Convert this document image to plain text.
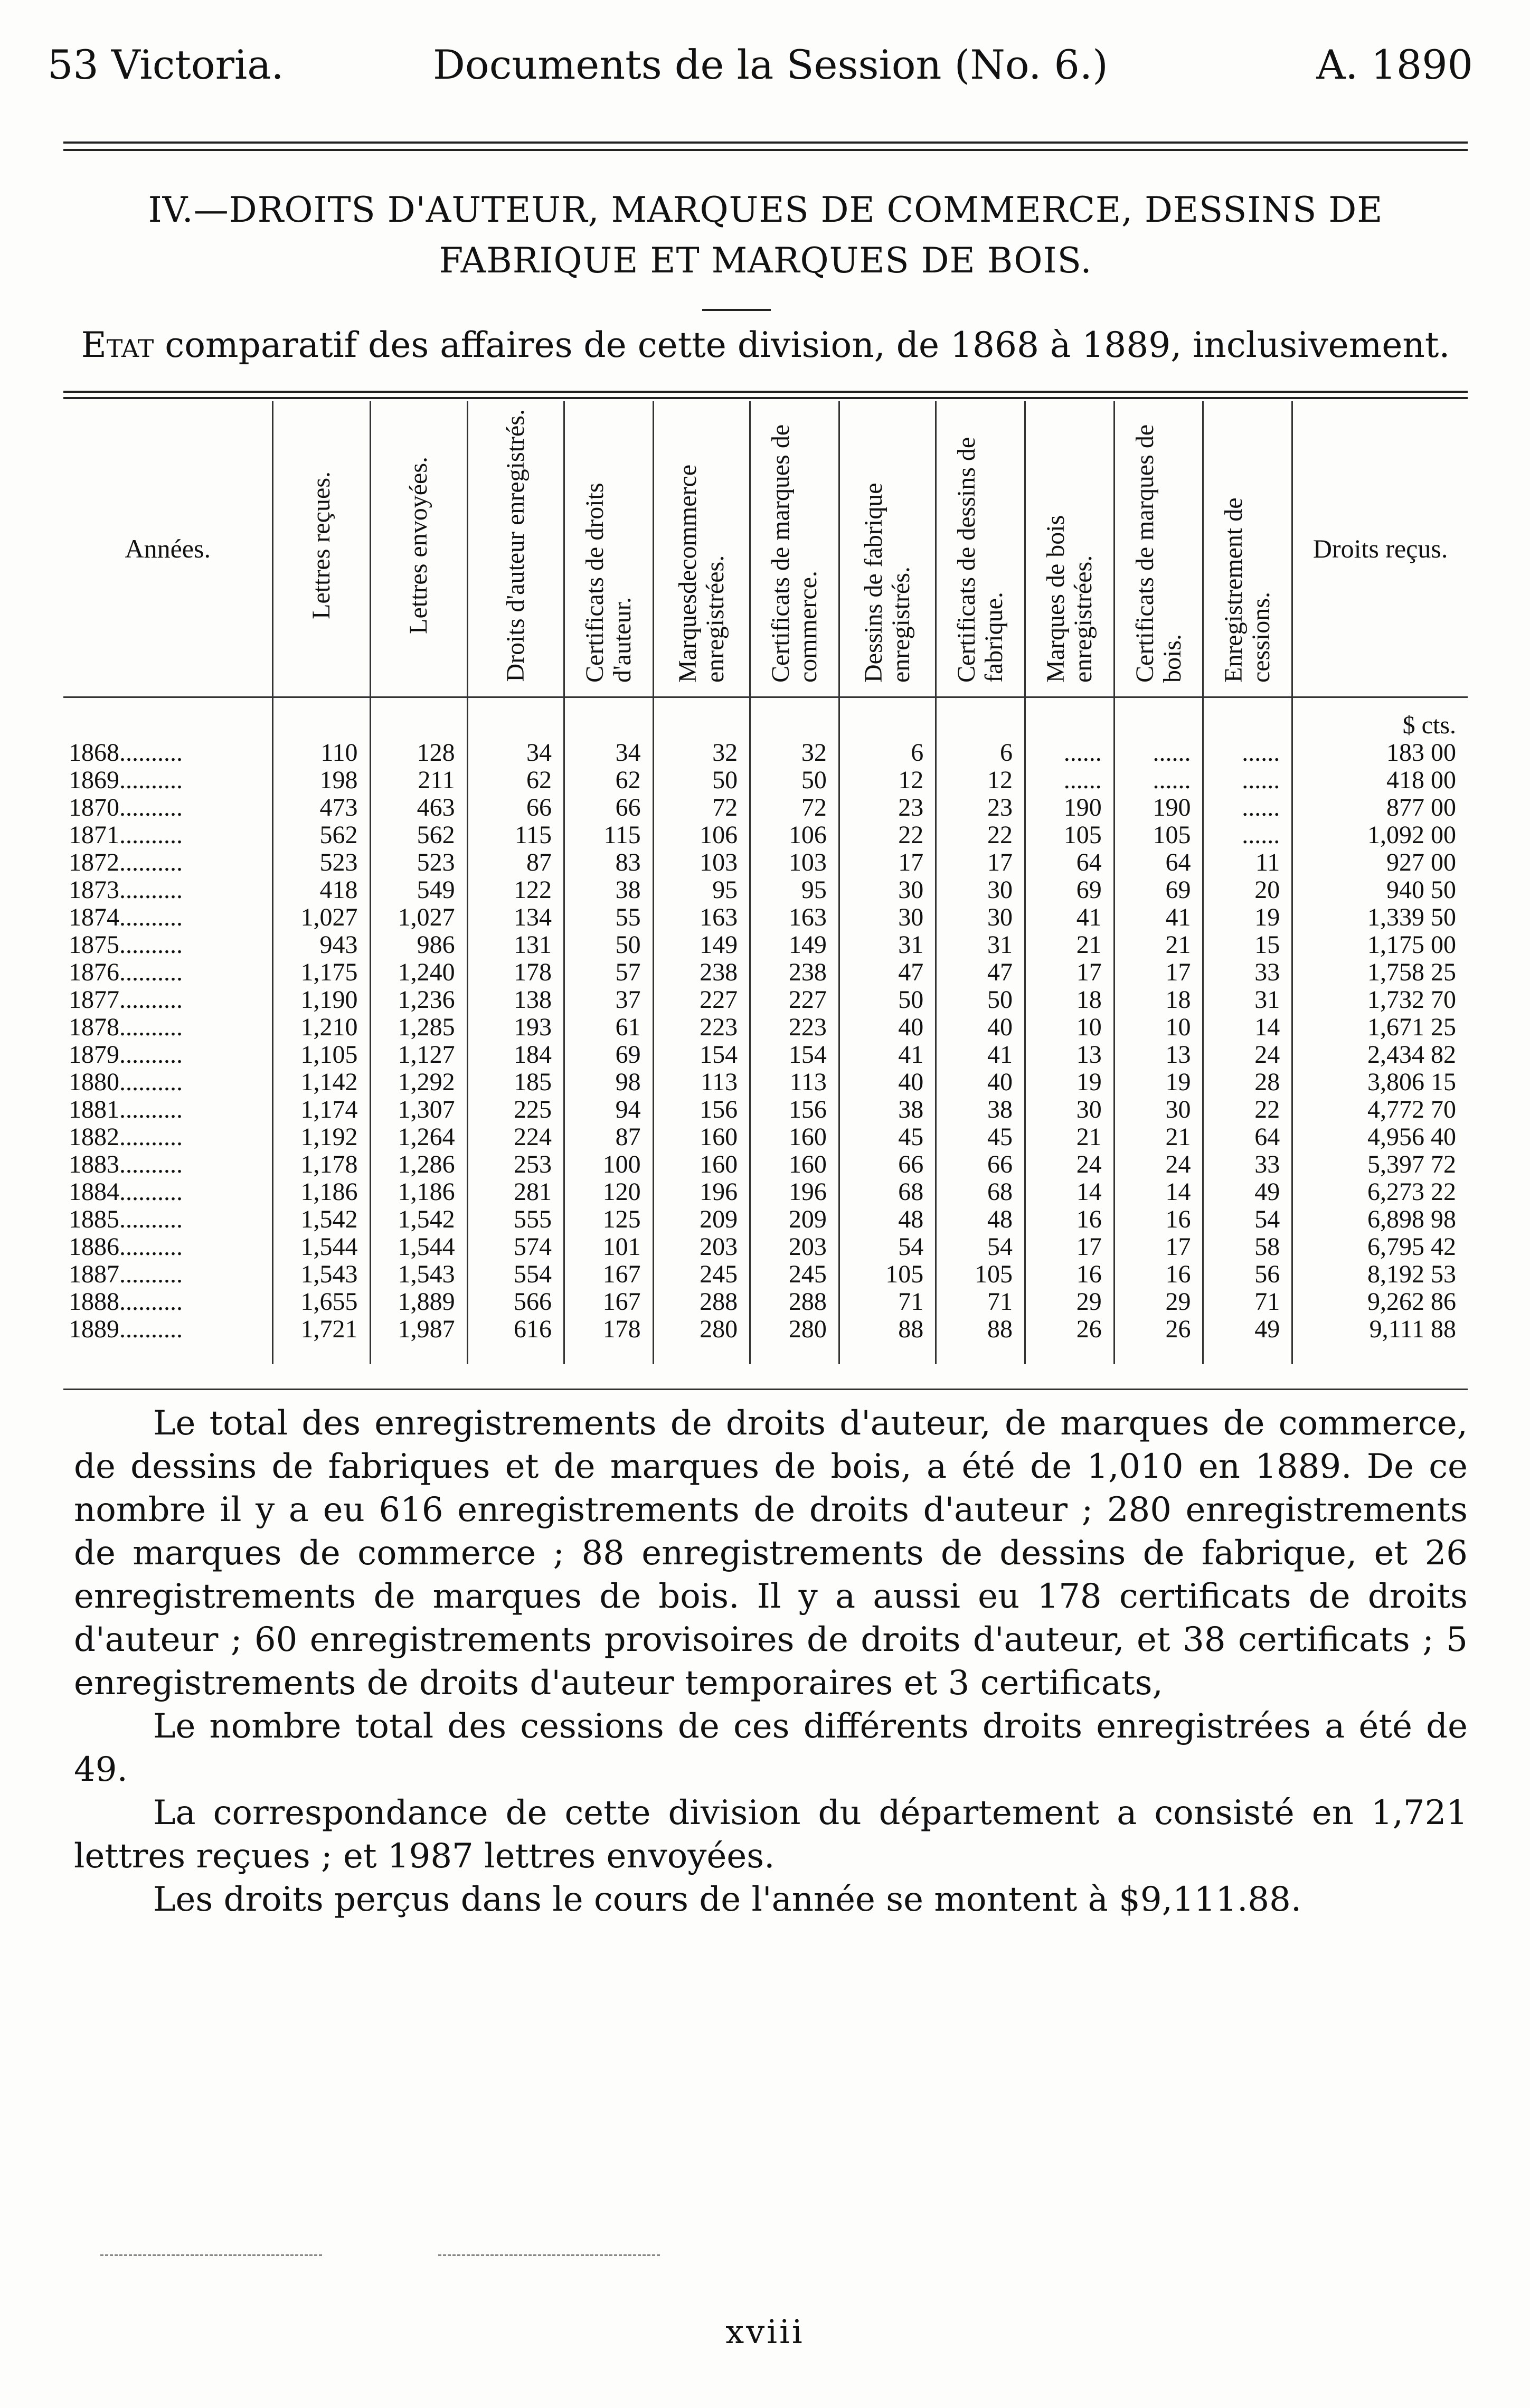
53 Victoria.	Documents de la Session (No. 6.)	A. 1890
IV.—DROITS D'AUTEUR, MARQUES DE COMMERCE, DESSINS DE
FABRIQUE ET MARQUES DE BOIS.
Etat comparatif des affaires de cette division, de 1868 à 1889, inclusivement.
Années.	Lettres reçues.	Lettres envoyées.	Droits d'auteur enregistrés.	Certificats de droits d'auteur.	Marquesdecommerce enregistrées.	Certificats de marques de commerce.	Dessins de fabrique enregistrés.	Certificats de dessins de fabrique.	Marques de bois enregistrées.	Certificats de marques de bois.	Enregistrement de cessions.	Droits reçus.

												$ cts.
1868..........	110	128	34	34	32	32	6	6	......	......	......	183 00
1869..........	198	211	62	62	50	50	12	12	......	......	......	418 00
1870..........	473	463	66	66	72	72	23	23	190	190	......	877 00
1871..........	562	562	115	115	106	106	22	22	105	105	......	1,092 00
1872..........	523	523	87	83	103	103	17	17	64	64	11	927 00
1873..........	418	549	122	38	95	95	30	30	69	69	20	940 50
1874..........	1,027	1,027	134	55	163	163	30	30	41	41	19	1,339 50
1875..........	943	986	131	50	149	149	31	31	21	21	15	1,175 00
1876..........	1,175	1,240	178	57	238	238	47	47	17	17	33	1,758 25
1877..........	1,190	1,236	138	37	227	227	50	50	18	18	31	1,732 70
1878..........	1,210	1,285	193	61	223	223	40	40	10	10	14	1,671 25
1879..........	1,105	1,127	184	69	154	154	41	41	13	13	24	2,434 82
1880..........	1,142	1,292	185	98	113	113	40	40	19	19	28	3,806 15
1881..........	1,174	1,307	225	94	156	156	38	38	30	30	22	4,772 70
1882..........	1,192	1,264	224	87	160	160	45	45	21	21	64	4,956 40
1883..........	1,178	1,286	253	100	160	160	66	66	24	24	33	5,397 72
1884..........	1,186	1,186	281	120	196	196	68	68	14	14	49	6,273 22
1885..........	1,542	1,542	555	125	209	209	48	48	16	16	54	6,898 98
1886..........	1,544	1,544	574	101	203	203	54	54	17	17	58	6,795 42
1887..........	1,543	1,543	554	167	245	245	105	105	16	16	56	8,192 53
1888..........	1,655	1,889	566	167	288	288	71	71	29	29	71	9,262 86
1889..........	1,721	1,987	616	178	280	280	88	88	26	26	49	9,111 88

Le total des enregistrements de droits d'auteur, de marques de commerce, de dessins de fabriques et de marques de bois, a été de 1,010 en 1889. De ce nombre il y a eu 616 enregistrements de droits d'auteur ; 280 enregistrements de marques de commerce ; 88 enregistrements de dessins de fabrique, et 26 enregistrements de marques de bois. Il y a aussi eu 178 certificats de droits d'auteur ; 60 enregistrements provisoires de droits d'auteur, et 38 certificats ; 5 enregistrements de droits d'auteur temporaires et 3 certificats,

Le nombre total des cessions de ces différents droits enregistrées a été de 49.

La correspondance de cette division du département a consisté en 1,721 lettres reçues ; et 1987 lettres envoyées.

Les droits perçus dans le cours de l'année se montent à $9,111.88.

xviii
